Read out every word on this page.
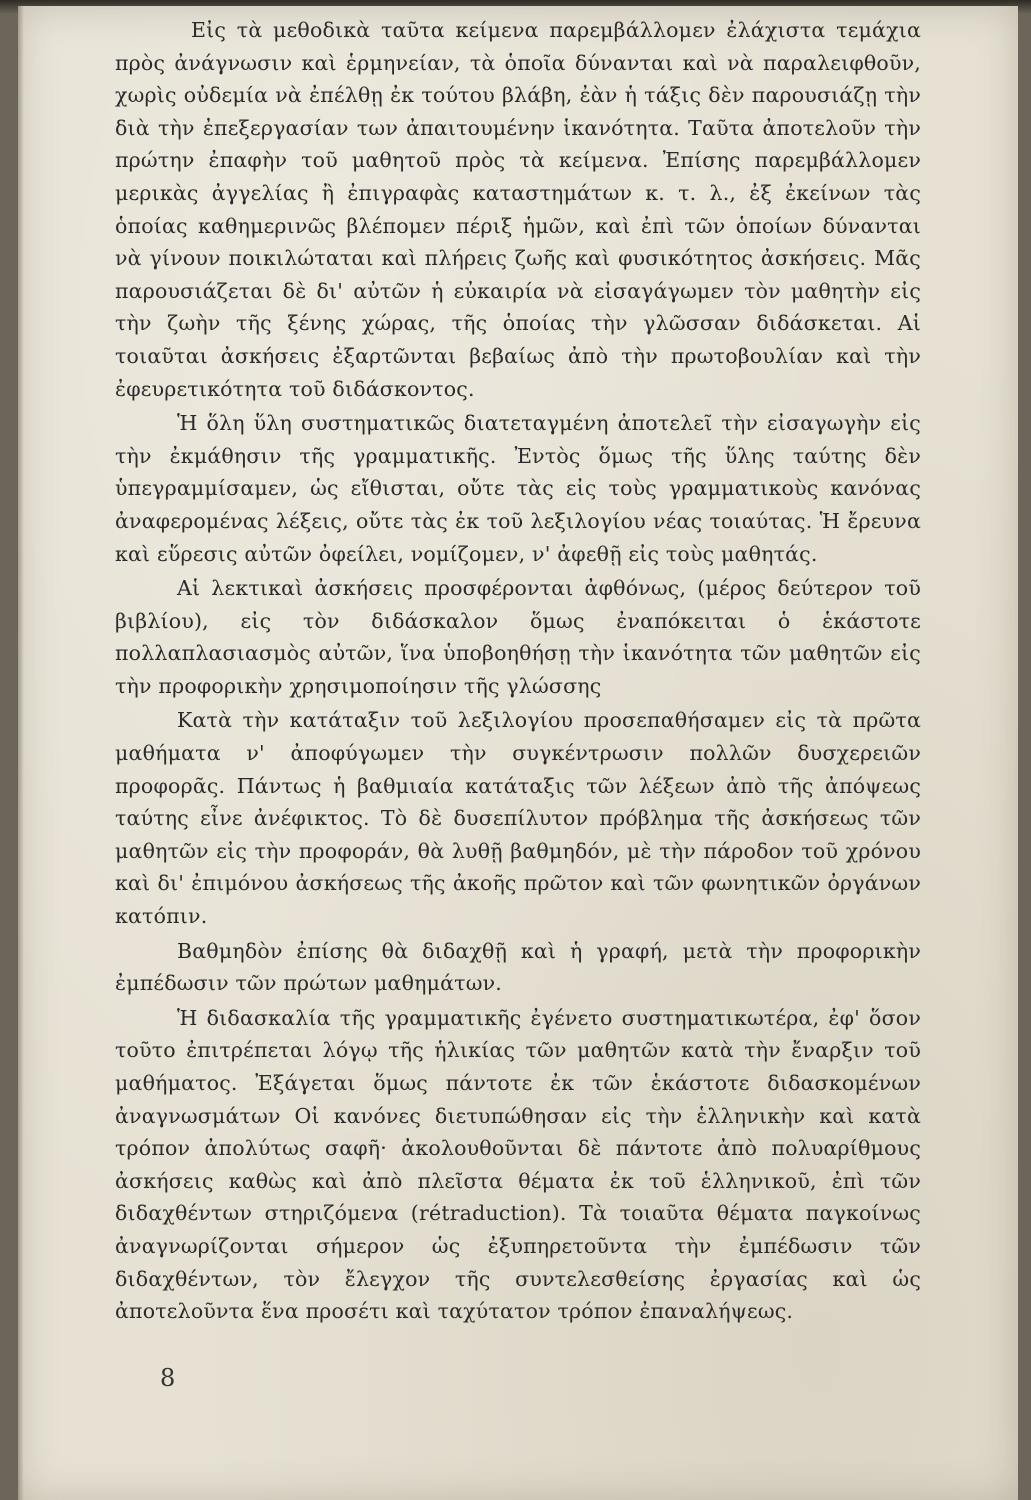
Εἰς τὰ μεθοδικὰ ταῦτα κείμενα παρεμβάλλομεν ἐλάχιστα τεμάχια πρὸς ἀνάγνωσιν καὶ ἑρμηνείαν, τὰ ὁποῖα δύνανται καὶ νὰ παραλειφθοῦν, χωρὶς οὐδεμία νὰ ἐπέλθῃ ἐκ τούτου βλάβη, ἐὰν ἡ τάξις δὲν παρουσιάζῃ τὴν διὰ τὴν ἐπεξεργασίαν των ἀπαιτουμένην ἱκανότητα. Ταῦτα ἀποτελοῦν τὴν πρώτην ἐπαφὴν τοῦ μαθητοῦ πρὸς τὰ κείμενα. Ἐπίσης παρεμβάλλομεν μερικὰς ἀγγελίας ἢ ἐπιγραφὰς καταστημάτων κ. τ. λ., ἐξ ἐκείνων τὰς ὁποίας καθημερινῶς βλέπομεν πέριξ ἡμῶν, καὶ ἐπὶ τῶν ὁποίων δύνανται νὰ γίνουν ποικιλώταται καὶ πλήρεις ζωῆς καὶ φυσικότητος ἀσκήσεις. Μᾶς παρουσιάζεται δὲ δι' αὐτῶν ἡ εὐκαιρία νὰ εἰσαγάγωμεν τὸν μαθητὴν εἰς τὴν ζωὴν τῆς ξένης χώρας, τῆς ὁποίας τὴν γλῶσσαν διδάσκεται. Αἱ τοιαῦται ἀσκήσεις ἐξαρτῶνται βεβαίως ἀπὸ τὴν πρωτοβουλίαν καὶ τὴν ἐφευρετικότητα τοῦ διδάσκοντος.

Ἡ ὅλη ὕλη συστηματικῶς διατεταγμένη ἀποτελεῖ τὴν εἰσαγωγὴν εἰς τὴν ἐκμάθησιν τῆς γραμματικῆς. Ἐντὸς ὅμως τῆς ὕλης ταύτης δὲν ὑπεγραμμίσαμεν, ὡς εἴθισται, οὔτε τὰς εἰς τοὺς γραμματικοὺς κανόνας ἀναφερομένας λέξεις, οὔτε τὰς ἐκ τοῦ λεξιλογίου νέας τοιαύτας. Ἡ ἔρευνα καὶ εὕρεσις αὐτῶν ὀφείλει, νομίζομεν, ν' ἀφεθῇ εἰς τοὺς μαθητάς.

Αἱ λεκτικαὶ ἀσκήσεις προσφέρονται ἀφθόνως, (μέρος δεύτερον τοῦ βιβλίου), εἰς τὸν διδάσκαλον ὅμως ἐναπόκειται ὁ ἑκάστοτε πολλαπλασιασμὸς αὐτῶν, ἵνα ὑποβοηθήσῃ τὴν ἱκανότητα τῶν μαθητῶν εἰς τὴν προφορικὴν χρησιμοποίησιν τῆς γλώσσης

Κατὰ τὴν κατάταξιν τοῦ λεξιλογίου προσεπαθήσαμεν εἰς τὰ πρῶτα μαθήματα ν' ἀποφύγωμεν τὴν συγκέντρωσιν πολλῶν δυσχερειῶν προφορᾶς. Πάντως ἡ βαθμιαία κατάταξις τῶν λέξεων ἀπὸ τῆς ἀπόψεως ταύτης εἶνε ἀνέφικτος. Τὸ δὲ δυσεπίλυτον πρόβλημα τῆς ἀσκήσεως τῶν μαθητῶν εἰς τὴν προφοράν, θὰ λυθῇ βαθμηδόν, μὲ τὴν πάροδον τοῦ χρόνου καὶ δι' ἐπιμόνου ἀσκήσεως τῆς ἀκοῆς πρῶτον καὶ τῶν φωνητικῶν ὀργάνων κατόπιν.

Βαθμηδὸν ἐπίσης θὰ διδαχθῇ καὶ ἡ γραφή, μετὰ τὴν προφορικὴν ἐμπέδωσιν τῶν πρώτων μαθημάτων.

Ἡ διδασκαλία τῆς γραμματικῆς ἐγένετο συστηματικωτέρα, ἐφ' ὅσον τοῦτο ἐπιτρέπεται λόγῳ τῆς ἡλικίας τῶν μαθητῶν κατὰ τὴν ἔναρξιν τοῦ μαθήματος. Ἐξάγεται ὅμως πάντοτε ἐκ τῶν ἑκάστοτε διδασκομένων ἀναγνωσμάτων Οἱ κανόνες διετυπώθησαν εἰς τὴν ἑλληνικὴν καὶ κατὰ τρόπον ἀπολύτως σαφῆ· ἀκολουθοῦνται δὲ πάντοτε ἀπὸ πολυαρίθμους ἀσκήσεις καθὼς καὶ ἀπὸ πλεῖστα θέματα ἐκ τοῦ ἑλληνικοῦ, ἐπὶ τῶν διδαχθέντων στηριζόμενα (rétraduction). Τὰ τοιαῦτα θέματα παγκοίνως ἀναγνωρίζονται σήμερον ὡς ἐξυπηρετοῦντα τὴν ἐμπέδωσιν τῶν διδαχθέντων, τὸν ἔλεγχον τῆς συντελεσθείσης ἐργασίας καὶ ὡς ἀποτελοῦντα ἕνα προσέτι καὶ ταχύτατον τρόπον ἐπαναλήψεως.

8
